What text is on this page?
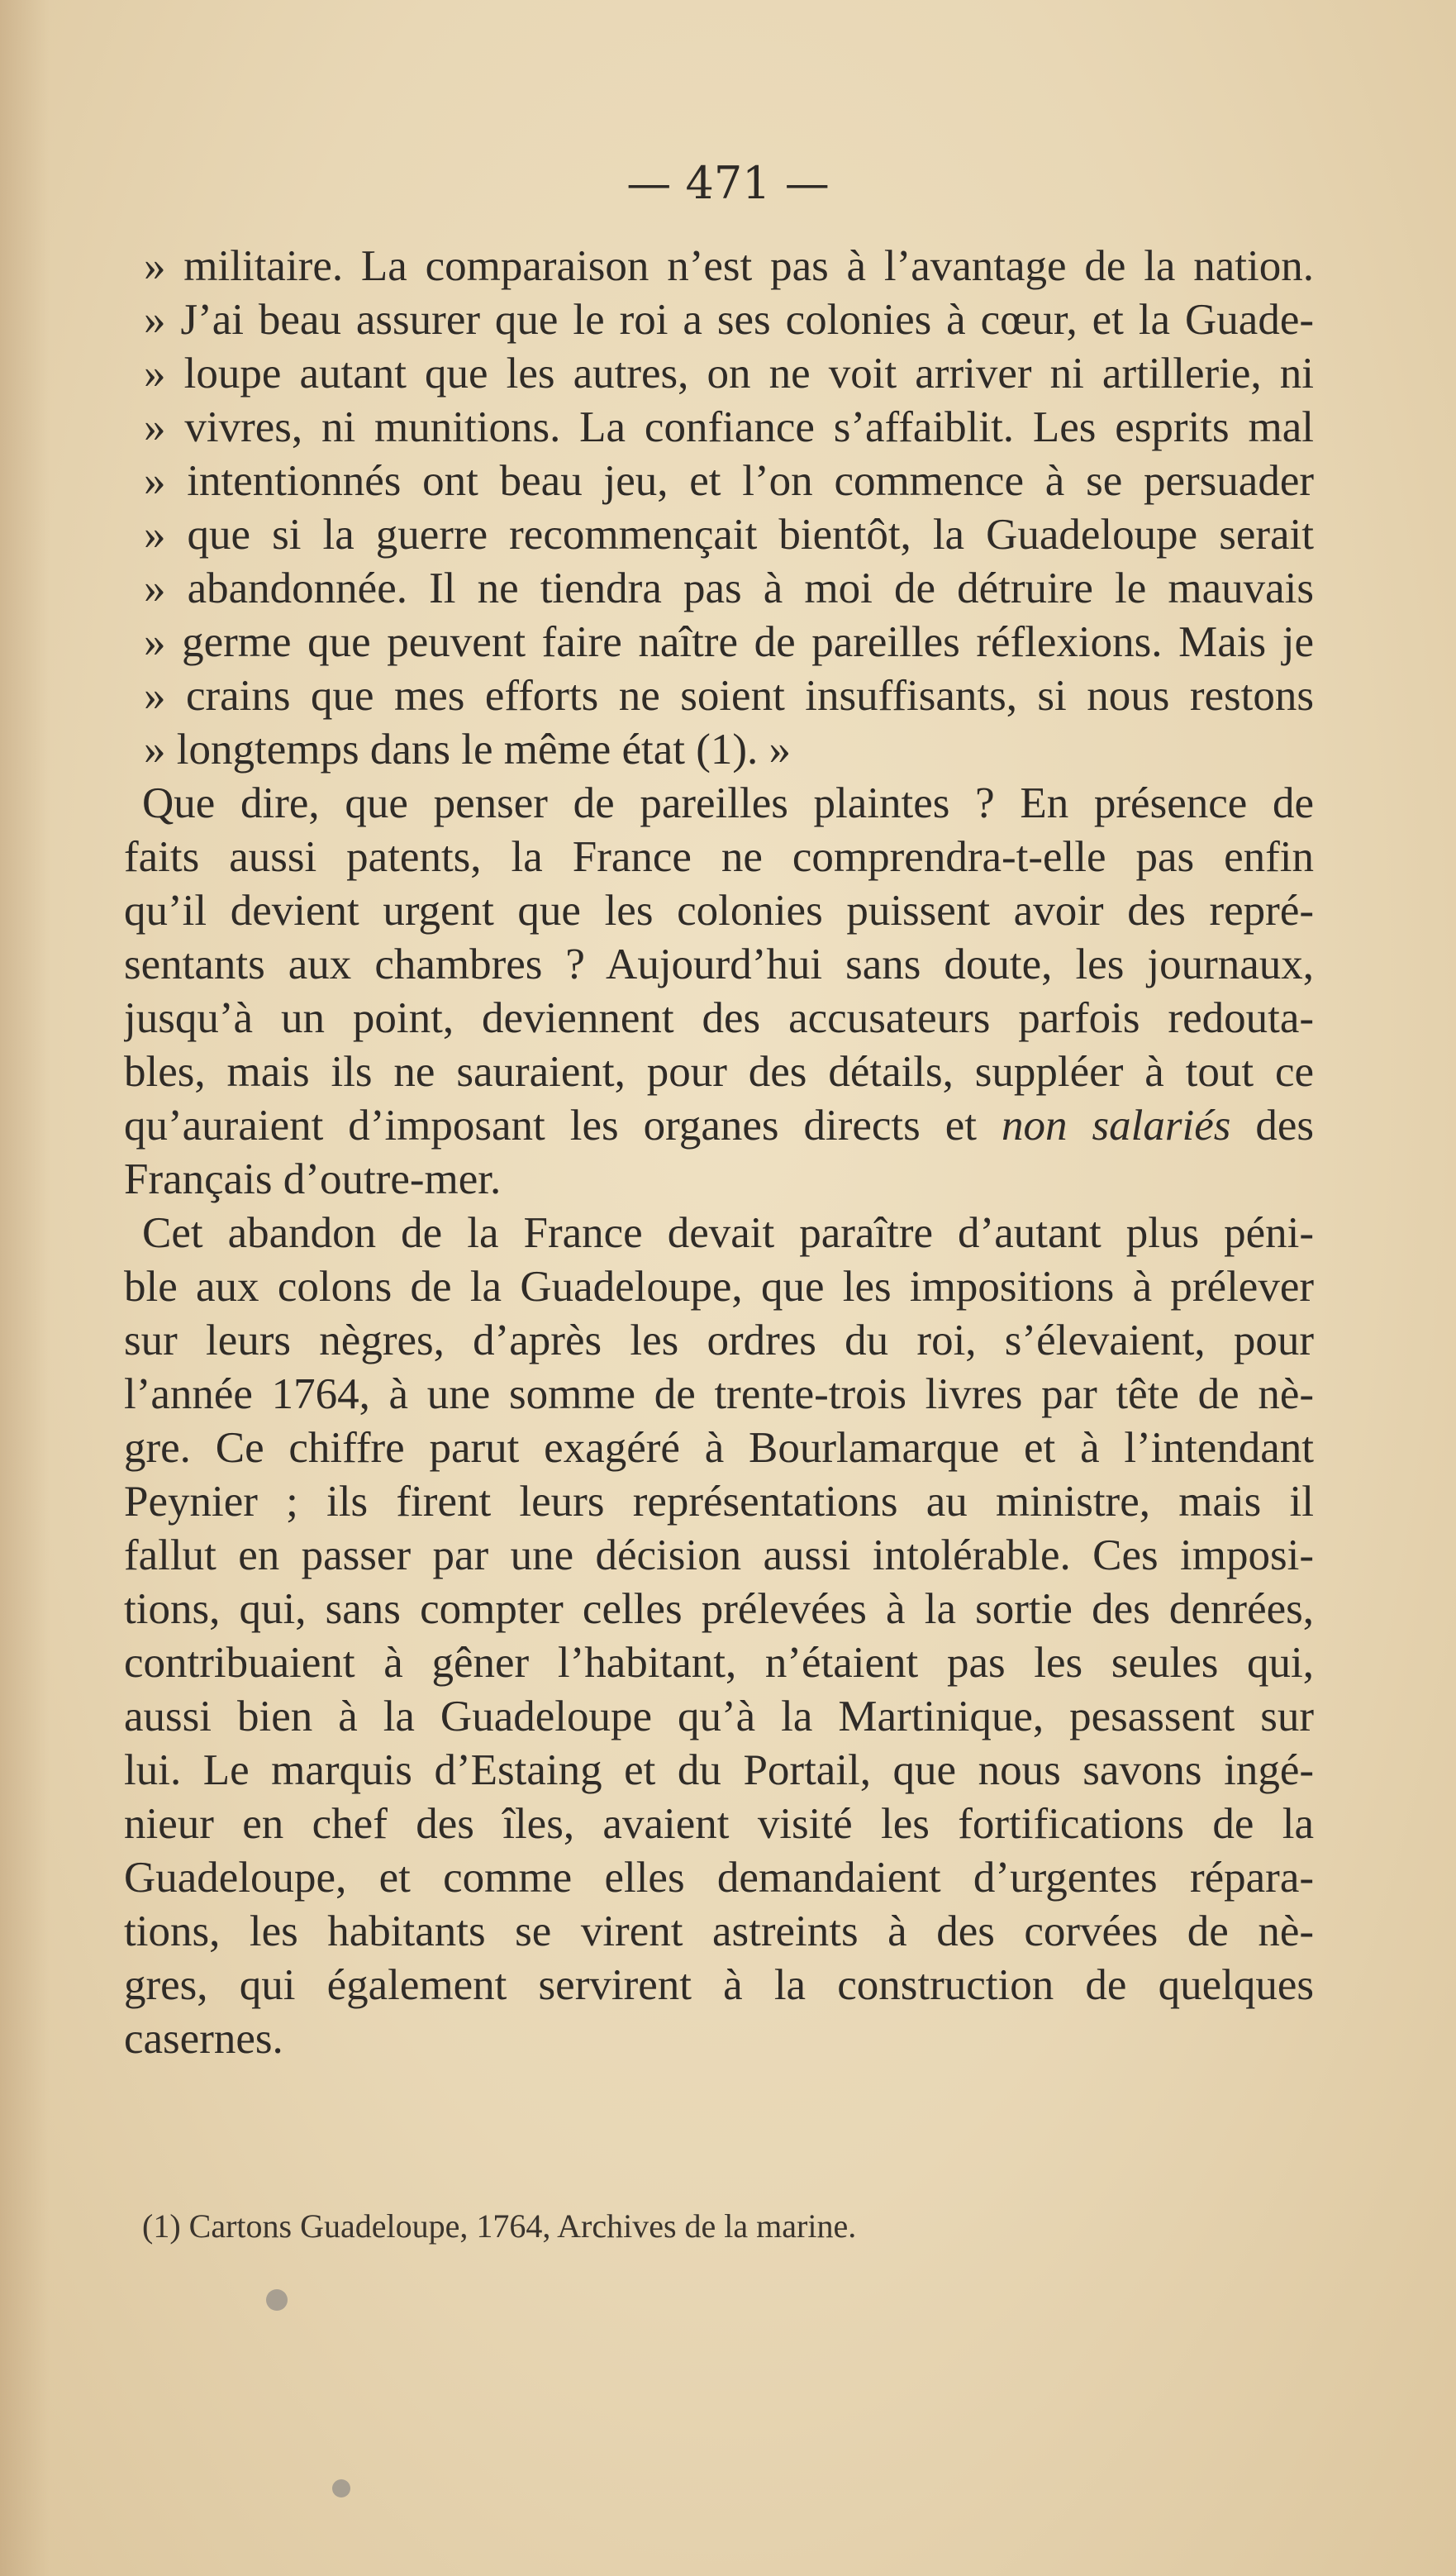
— 471 —
» militaire. La comparaison n’est pas à l’avantage de la nation.
» J’ai beau assurer que le roi a ses colonies à cœur, et la Guade-
» loupe autant que les autres, on ne voit arriver ni artillerie, ni
» vivres, ni munitions. La confiance s’affaiblit. Les esprits mal
» intentionnés ont beau jeu, et l’on commence à se persuader
» que si la guerre recommençait bientôt, la Guadeloupe serait
» abandonnée. Il ne tiendra pas à moi de détruire le mauvais
» germe que peuvent faire naître de pareilles réflexions. Mais je
» crains que mes efforts ne soient insuffisants, si nous restons
» longtemps dans le même état (1). »
Que dire, que penser de pareilles plaintes ? En présence de
faits aussi patents, la France ne comprendra-t-elle pas enfin
qu’il devient urgent que les colonies puissent avoir des repré-
sentants aux chambres ? Aujourd’hui sans doute, les journaux,
jusqu’à un point, deviennent des accusateurs parfois redouta-
bles, mais ils ne sauraient, pour des détails, suppléer à tout ce
qu’auraient d’imposant les organes directs et non salariés des
Français d’outre-mer.
Cet abandon de la France devait paraître d’autant plus péni-
ble aux colons de la Guadeloupe, que les impositions à prélever
sur leurs nègres, d’après les ordres du roi, s’élevaient, pour
l’année 1764, à une somme de trente-trois livres par tête de nè-
gre. Ce chiffre parut exagéré à Bourlamarque et à l’intendant
Peynier ; ils firent leurs représentations au ministre, mais il
fallut en passer par une décision aussi intolérable. Ces imposi-
tions, qui, sans compter celles prélevées à la sortie des denrées,
contribuaient à gêner l’habitant, n’étaient pas les seules qui,
aussi bien à la Guadeloupe qu’à la Martinique, pesassent sur
lui. Le marquis d’Estaing et du Portail, que nous savons ingé-
nieur en chef des îles, avaient visité les fortifications de la
Guadeloupe, et comme elles demandaient d’urgentes répara-
tions, les habitants se virent astreints à des corvées de nè-
gres, qui également servirent à la construction de quelques
casernes.
(1) Cartons Guadeloupe, 1764, Archives de la marine.
